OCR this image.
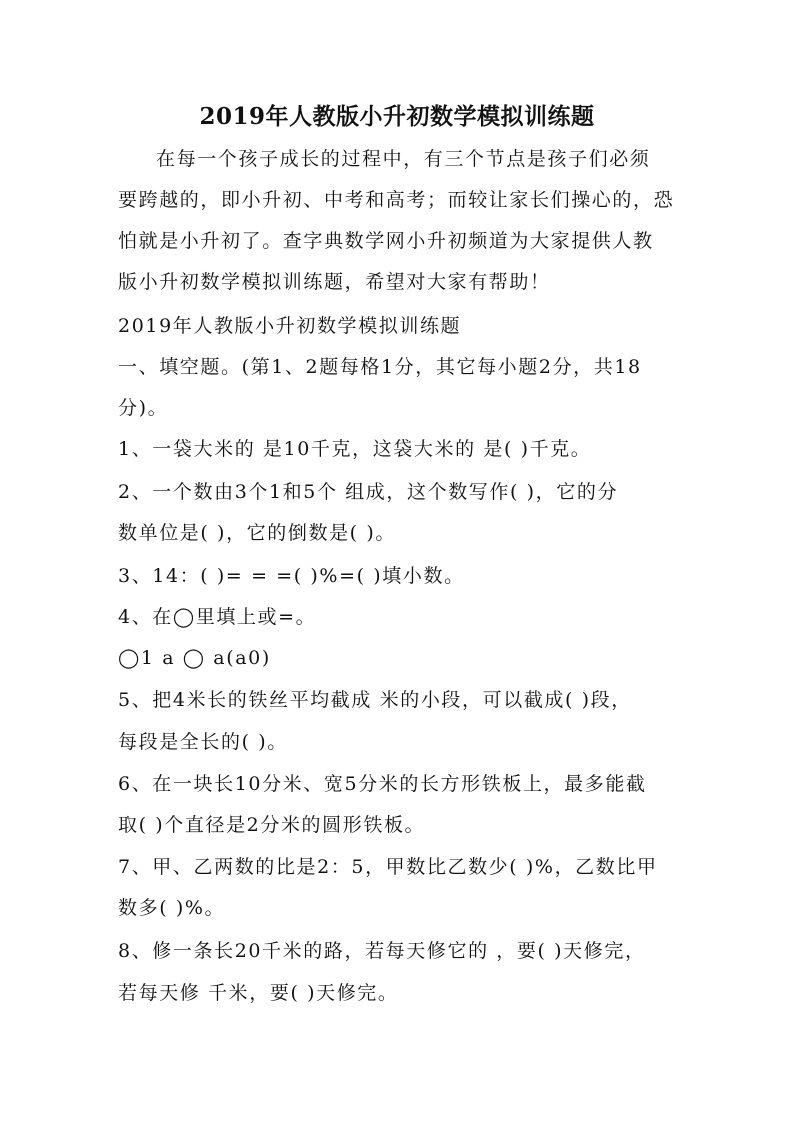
2019年人教版小升初数学模拟训练题
在每一个孩子成长的过程中，有三个节点是孩子们必须
要跨越的，即小升初、中考和高考；而较让家长们操心的，恐
怕就是小升初了。查字典数学网小升初频道为大家提供人教
版小升初数学模拟训练题，希望对大家有帮助！
2019年人教版小升初数学模拟训练题
一、填空题。(第1、2题每格1分，其它每小题2分，共18
分)。
1、一袋大米的 是10千克，这袋大米的 是( )千克。
2、一个数由3个1和5个 组成，这个数写作( )，它的分
数单位是( )，它的倒数是( )。
3、14：( )= = =( )%=( )填小数。
4、在◯里填上或=。
◯1 a ◯ a(a0)
5、把4米长的铁丝平均截成 米的小段，可以截成( )段，
每段是全长的( )。
6、在一块长10分米、宽5分米的长方形铁板上，最多能截
取( )个直径是2分米的圆形铁板。
7、甲、乙两数的比是2：5，甲数比乙数少( )%，乙数比甲
数多( )%。
8、修一条长20千米的路，若每天修它的 ，要( )天修完，
若每天修 千米，要( )天修完。
